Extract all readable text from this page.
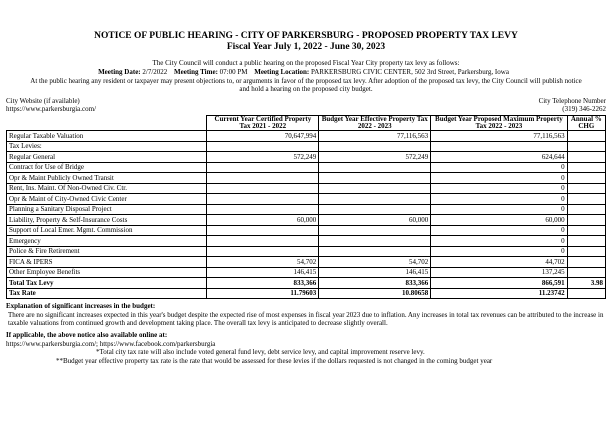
NOTICE OF PUBLIC HEARING - CITY OF PARKERSBURG - PROPOSED PROPERTY TAX LEVY
Fiscal Year July 1, 2022 - June 30, 2023
The City Council will conduct a public hearing on the proposed Fiscal Year City property tax levy as follows:
Meeting Date: 2/7/2022 Meeting Time: 07:00 PM Meeting Location: PARKERSBURG CIVIC CENTER, 502 3rd Street, Parkersburg, Iowa
At the public hearing any resident or taxpayer may present objections to, or arguments in favor of the proposed tax levy. After adoption of the proposed tax levy, the City Council will publish notice and hold a hearing on the proposed city budget.
City Website (if available)
https://www.parkersburgia.com/
City Telephone Number
(319) 346-2262
	Current Year Certified Property Tax 2021 - 2022	Budget Year Effective Property Tax 2022 - 2023	Budget Year Proposed Maximum Property Tax 2022 - 2023	Annual % CHG
Regular Taxable Valuation	70,647,994	77,116,563	77,116,563	
Tax Levies:				
Regular General	572,249	572,249	624,644	
Contract for Use of Bridge			0	
Opr & Maint Publicly Owned Transit			0	
Rent, Ins. Maint. Of Non-Owned Civ. Ctr.			0	
Opr & Maint of City-Owned Civic Center			0	
Planning a Sanitary Disposal Project			0	
Liability, Property & Self-Insurance Costs	60,000	60,000	60,000	
Support of Local Emer. Mgmt. Commission			0	
Emergency			0	
Police & Fire Retirement			0	
FICA & IPERS	54,702	54,702	44,702	
Other Employee Benefits	146,415	146,415	137,245	
Total Tax Levy	833,366	833,366	866,591	3.98
Tax Rate	11.79603	10.80658	11.23742	
Explanation of significant increases in the budget:
There are no significant increases expected in this year's budget despite the expected rise of most expenses in fiscal year 2023 due to inflation. Any increases in total tax revenues can be attributed to the increase in taxable valuations from continued growth and development taking place. The overall tax levy is anticipated to decrease slightly overall.
If applicable, the above notice also available online at:
https://www.parkersburgia.com/; https://www.facebook.com/parkersburgia
*Total city tax rate will also include voted general fund levy, debt service levy, and capital improvement reserve levy.
**Budget year effective property tax rate is the rate that would be assessed for these levies if the dollars requested is not changed in the coming budget year
